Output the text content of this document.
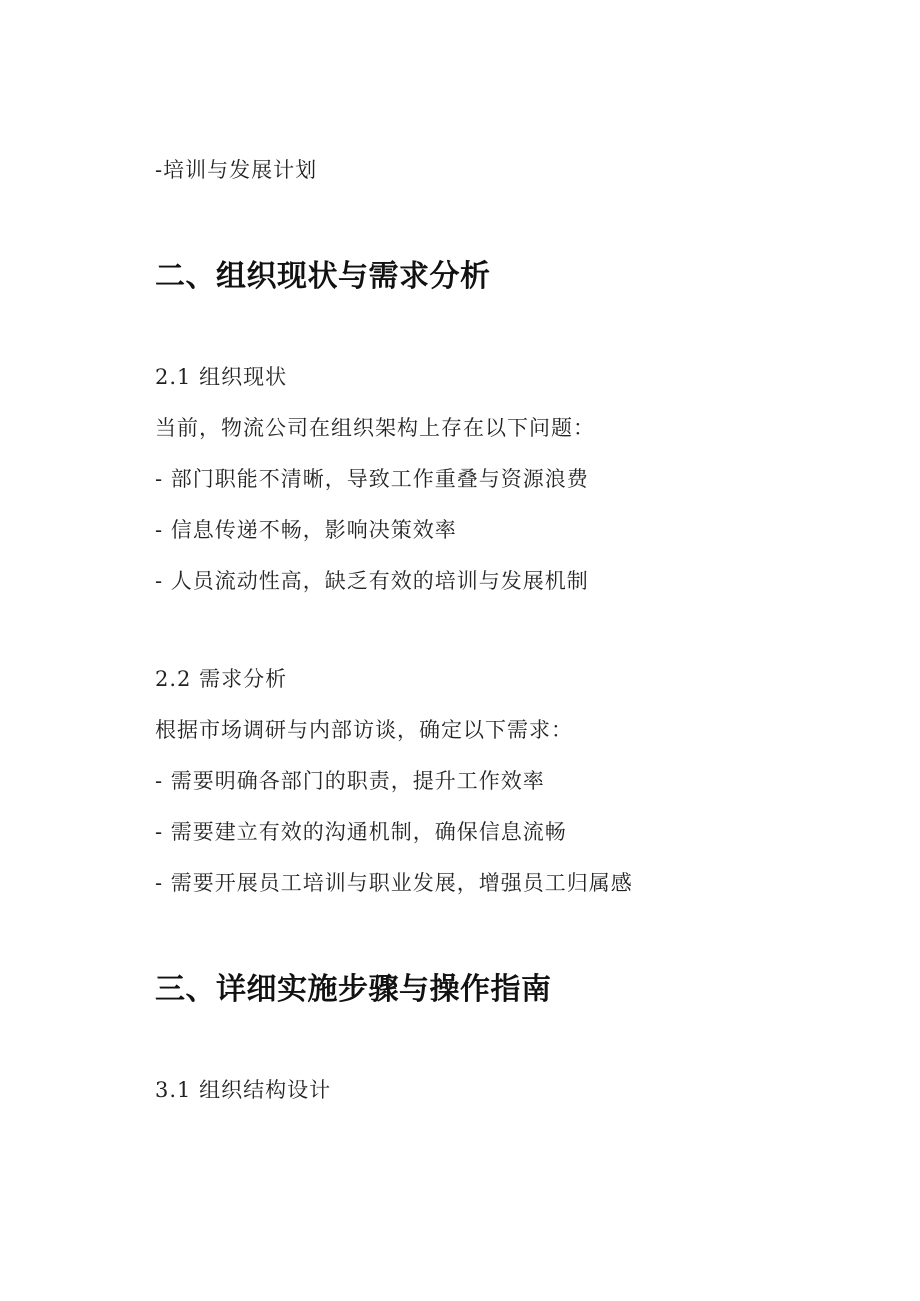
-培训与发展计划
二、组织现状与需求分析
2.1 组织现状
当前，物流公司在组织架构上存在以下问题：
- 部门职能不清晰，导致工作重叠与资源浪费
- 信息传递不畅，影响决策效率
- 人员流动性高，缺乏有效的培训与发展机制
2.2 需求分析
根据市场调研与内部访谈，确定以下需求：
- 需要明确各部门的职责，提升工作效率
- 需要建立有效的沟通机制，确保信息流畅
- 需要开展员工培训与职业发展，增强员工归属感
三、详细实施步骤与操作指南
3.1 组织结构设计
